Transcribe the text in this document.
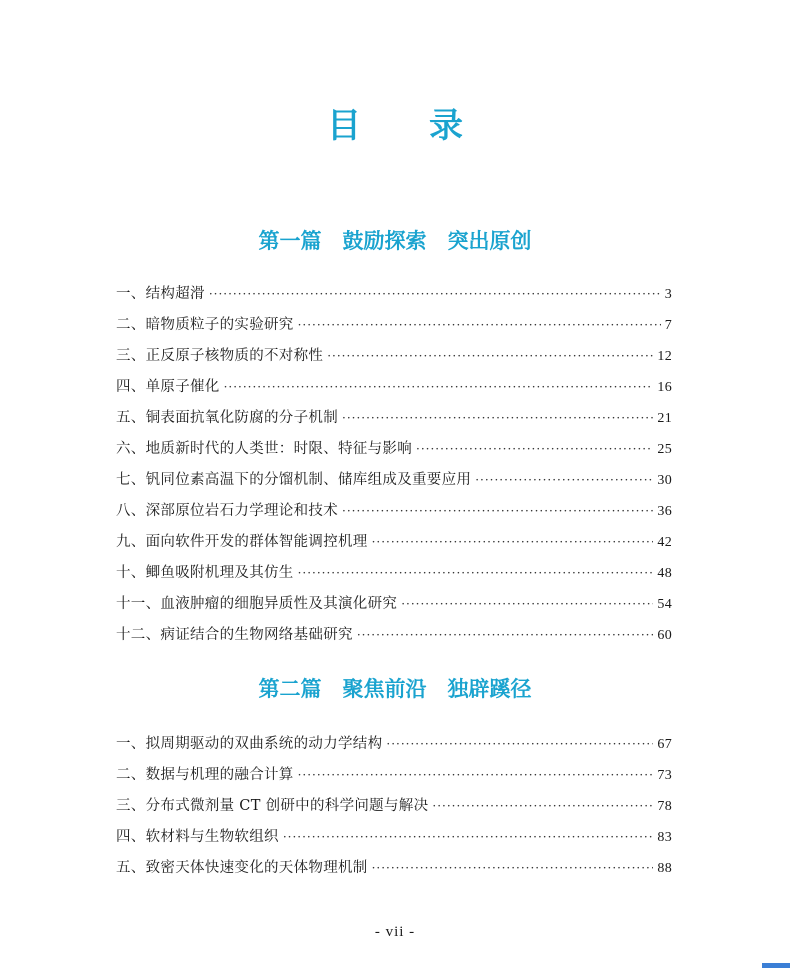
目　　录
第一篇　鼓励探索　突出原创
一、结构超滑 ·····	3
二、暗物质粒子的实验研究 ·····	7
三、正反原子核物质的不对称性 ·····	12
四、单原子催化 ·····	16
五、铜表面抗氧化防腐的分子机制 ·····	21
六、地质新时代的人类世：时限、特征与影响 ·····	25
七、钒同位素高温下的分馏机制、储库组成及重要应用 ·····	30
八、深部原位岩石力学理论和技术 ·····	36
九、面向软件开发的群体智能调控机理 ·····	42
十、鲫鱼吸附机理及其仿生 ·····	48
十一、血液肿瘤的细胞异质性及其演化研究 ·····	54
十二、病证结合的生物网络基础研究 ·····	60
第二篇　聚焦前沿　独辟蹊径
一、拟周期驱动的双曲系统的动力学结构 ·····	67
二、数据与机理的融合计算 ·····	73
三、分布式微剂量 CT 创研中的科学问题与解决 ·····	78
四、软材料与生物软组织 ·····	83
五、致密天体快速变化的天体物理机制 ·····	88
- vii -
